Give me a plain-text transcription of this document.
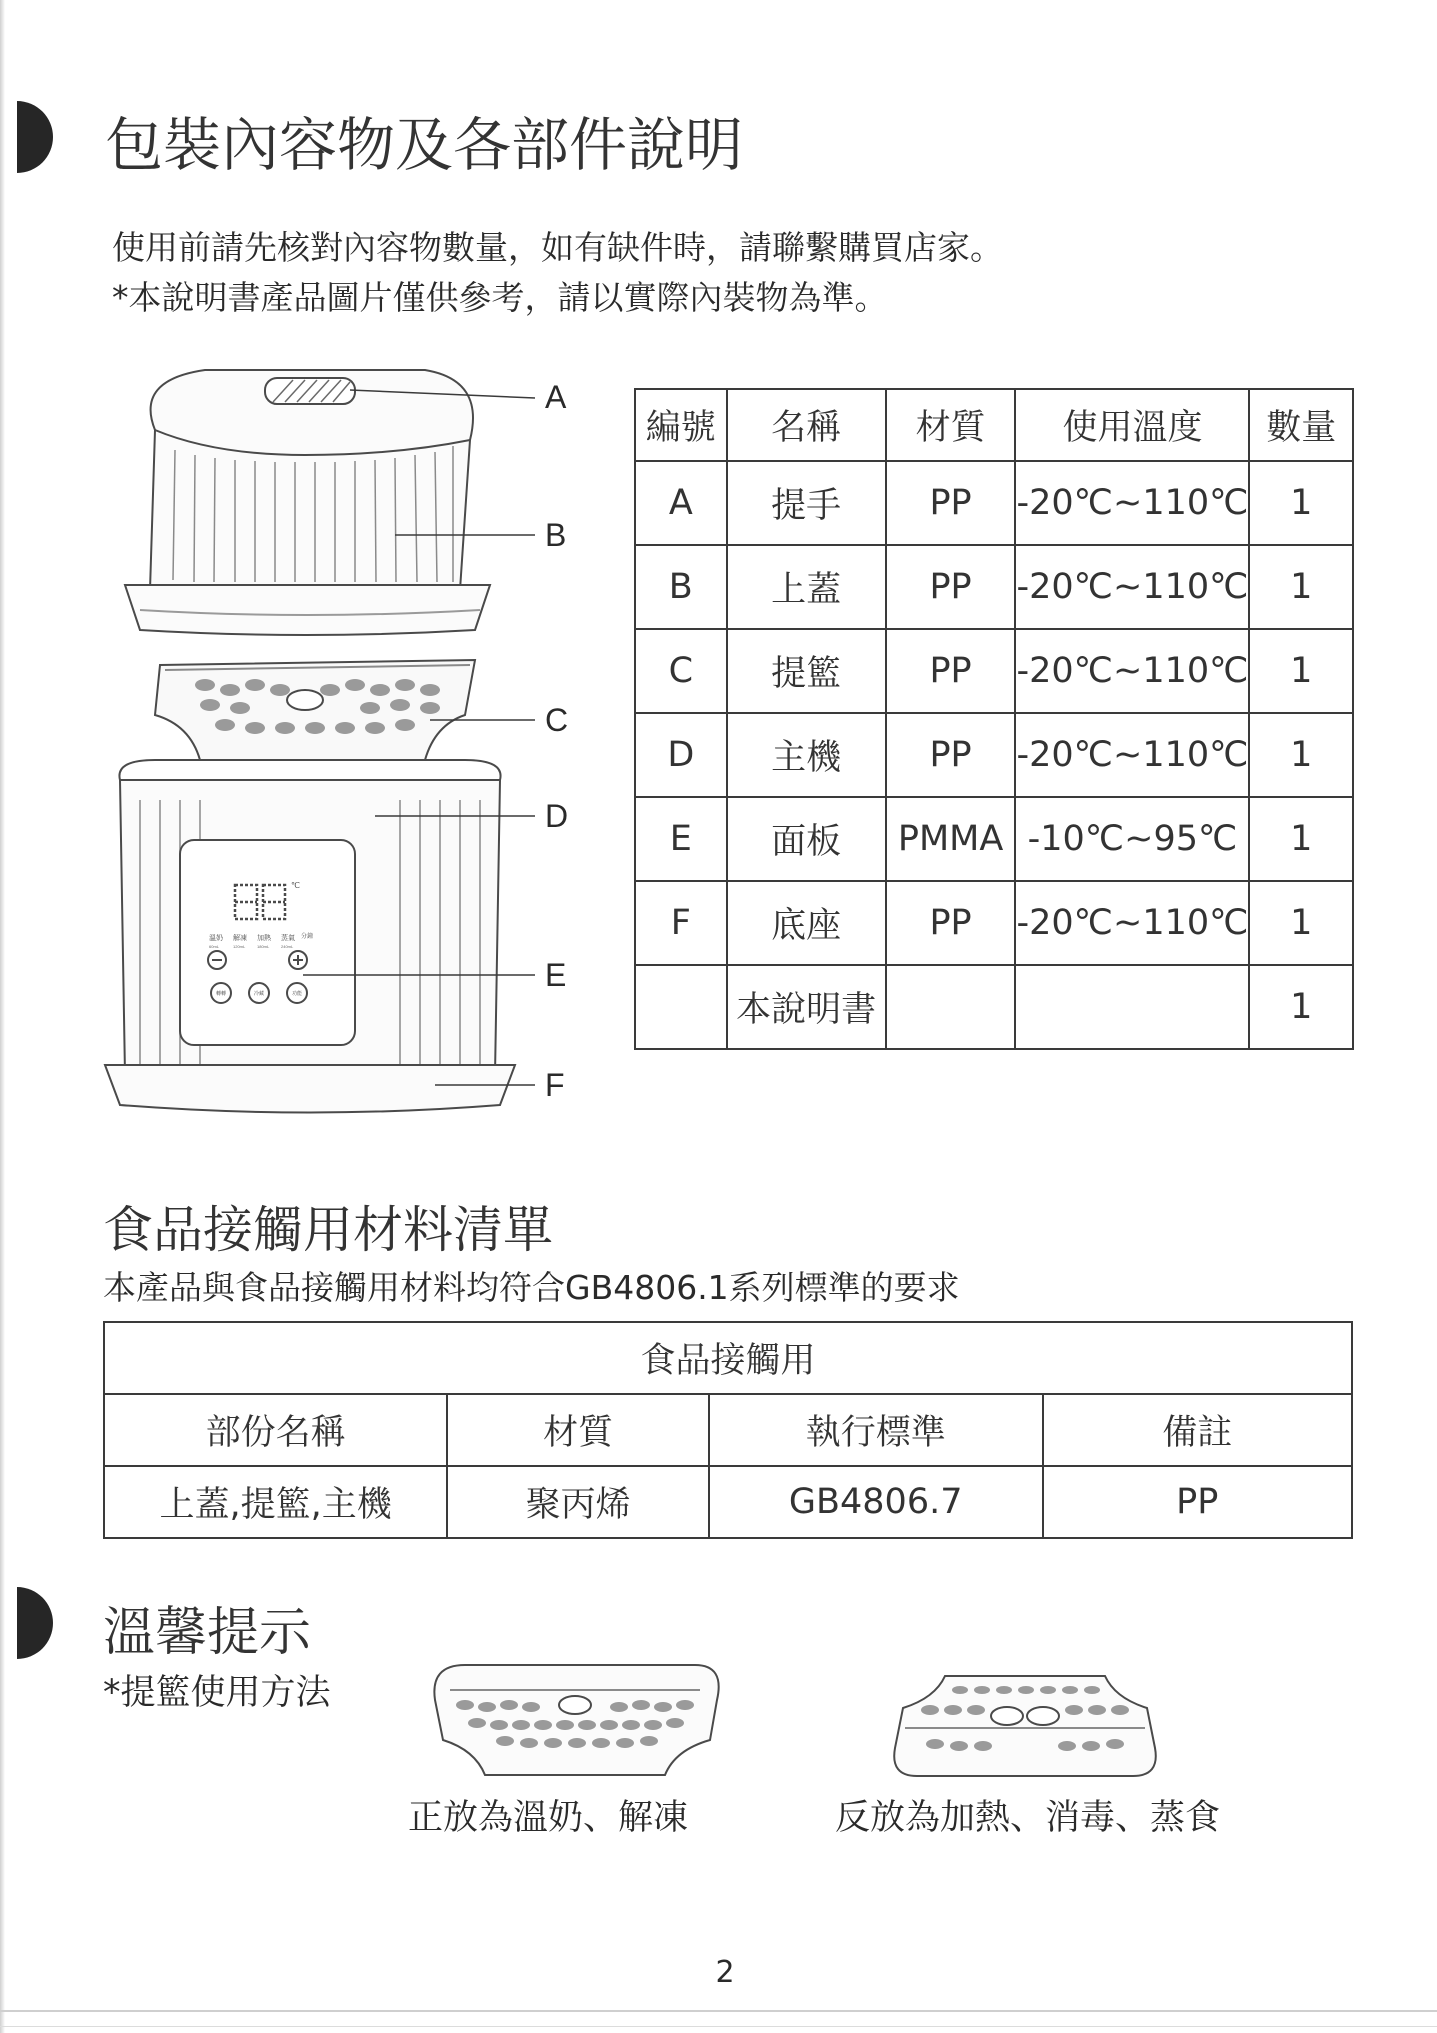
包裝內容物及各部件說明

使用前請先核對內容物數量，如有缺件時，請聯繫購買店家。

*本說明書產品圖片僅供參考，請以實際內裝物為準。

℃
分鐘
溫奶 解凍 加熱 蒸氣
60mL	120mL	180mL	240mL
轉轉	冷藏	功能
A
B
C
D
E
F
編號	名稱	材質	使用溫度	數量
A	提手	PP	-20℃~110℃	1
B	上蓋	PP	-20℃~110℃	1
C	提籃	PP	-20℃~110℃	1
D	主機	PP	-20℃~110℃	1
E	面板	PMMA	-10℃~95℃	1
F	底座	PP	-20℃~110℃	1
	本說明書			1
食品接觸用材料清單

本產品與食品接觸用材料均符合GB4806.1系列標準的要求

食品接觸用			
部份名稱	材質	執行標準	備註
上蓋,提籃,主機	聚丙烯	GB4806.7	PP
溫馨提示

*提籃使用方法

正放為溫奶、解凍	反放為加熱、消毒、蒸食
2
